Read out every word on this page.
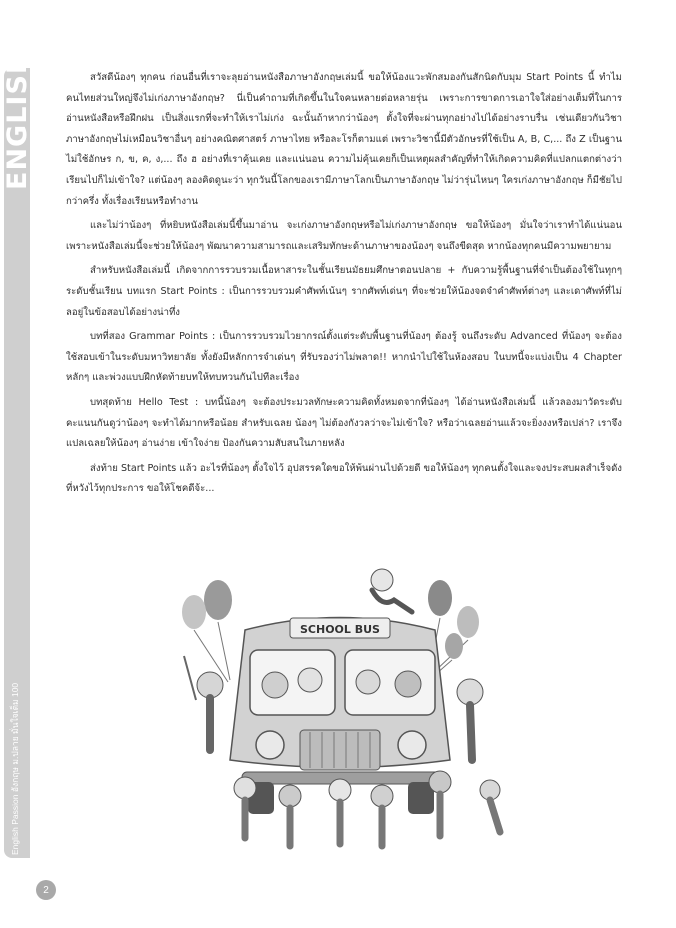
ENGLISH
English Passion อังกฤษ ม.ปลาย มั่นใจเต็ม 100
2

สวัสดีน้องๆ ทุกคน ก่อนอื่นที่เราจะลุยอ่านหนังสือภาษาอังกฤษเล่มนี้ ขอให้น้องแวะพักสมองกันสักนิดกับมุม Start Points นี้ ทำไมคนไทยส่วนใหญ่จึงไม่เก่งภาษาอังกฤษ? นี่เป็นคำถามที่เกิดขึ้นในใจคนหลายต่อหลายรุ่น เพราะการขาดการเอาใจใส่อย่างเต็มที่ในการอ่านหนังสือหรือฝึกฝน เป็นสิ่งแรกที่จะทำให้เราไม่เก่ง ฉะนั้นถ้าหากว่าน้องๆ ตั้งใจที่จะผ่านทุกอย่างไปได้อย่างราบรื่น เช่นเดียวกันวิชาภาษาอังกฤษไม่เหมือนวิชาอื่นๆ อย่างคณิตศาสตร์ ภาษาไทย หรือละโรก็ตามแต่ เพราะวิชานี้มีตัวอักษรที่ใช้เป็น A, B, C,... ถึง Z เป็นฐาน ไม่ใช้อักษร ก, ข, ค, ง,... ถึง ฮ อย่างที่เราคุ้นเคย และแน่นอน ความไม่คุ้นเคยก็เป็นเหตุผลสำคัญที่ทำให้เกิดความคิดที่แปลกแตกต่างว่าเรียนไปก็ไม่เข้าใจ? แต่น้องๆ ลองคิดดูนะว่า ทุกวันนี้โลกของเรามีภาษาโลกเป็นภาษาอังกฤษ ไม่ว่ารุ่นไหนๆ ใครเก่งภาษาอังกฤษ ก็มีชัยไปกว่าครึ่ง ทั้งเรื่องเรียนหรือทำงาน

และไม่ว่าน้องๆ ที่หยิบหนังสือเล่มนี้ขึ้นมาอ่าน จะเก่งภาษาอังกฤษหรือไม่เก่งภาษาอังกฤษ ขอให้น้องๆ มั่นใจว่าเราทำได้แน่นอน เพราะหนังสือเล่มนี้จะช่วยให้น้องๆ พัฒนาความสามารถและเสริมทักษะด้านภาษาของน้องๆ จนถึงขีดสุด หากน้องทุกคนมีความพยายาม

สำหรับหนังสือเล่มนี้ เกิดจากการรวบรวมเนื้อหาสาระในชั้นเรียนมัธยมศึกษาตอนปลาย + กับความรู้พื้นฐานที่จำเป็นต้องใช้ในทุกๆ ระดับชั้นเรียน บทแรก Start Points : เป็นการรวบรวมคำศัพท์เน้นๆ รากศัพท์เด่นๆ ที่จะช่วยให้น้องจดจำคำศัพท์ต่างๆ และเดาศัพท์ที่ไม่ลอยู่ในข้อสอบได้อย่างน่าทึ่ง

บทที่สอง Grammar Points : เป็นการรวบรวมไวยากรณ์ตั้งแต่ระดับพื้นฐานที่น้องๆ ต้องรู้ จนถึงระดับ Advanced ที่น้องๆ จะต้องใช้สอบเข้าในระดับมหาวิทยาลัย ทั้งยังมีหลักการจำเด่นๆ ที่รับรองว่าไม่พลาด!! หากนำไปใช้ในห้องสอบ ในบทนี้จะแบ่งเป็น 4 Chapter หลักๆ และพ่วงแบบฝึกหัดท้ายบทให้ทบทวนกันไปทีละเรื่อง

บทสุดท้าย Hello Test : บทนี้น้องๆ จะต้องประมวลทักษะความคิดทั้งหมดจากที่น้องๆ ได้อ่านหนังสือเล่มนี้ แล้วลองมาวัดระดับคะแนนกันดูว่าน้องๆ จะทำได้มากหรือน้อย สำหรับเฉลย น้องๆ ไม่ต้องกังวลว่าจะไม่เข้าใจ? หรือว่าเฉลยอ่านแล้วจะยิ่งงงหรือเปล่า? เราจึงแปลเฉลยให้น้องๆ อ่านง่าย เข้าใจง่าย ป้องกันความสับสนในภายหลัง

ส่งท้าย Start Points แล้ว อะไรที่น้องๆ ตั้งใจไว้ อุปสรรคใดขอให้พ้นผ่านไปด้วยดี ขอให้น้องๆ ทุกคนตั้งใจและจงประสบผลสำเร็จดังที่หวังไว้ทุกประการ ขอให้โชคดีจ้ะ...

SCHOOL BUS
